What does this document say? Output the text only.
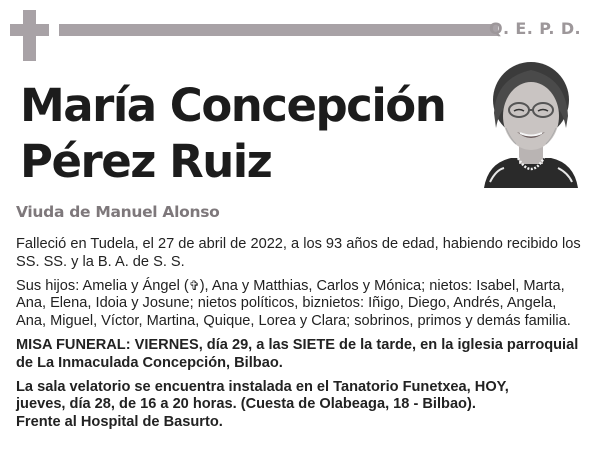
Q. E. P. D.
María Concepción
Pérez Ruiz
Viuda de Manuel Alonso

Falleció en Tudela, el 27 de abril de 2022, a los 93 años de edad, habiendo recibido los SS. SS. y la B. A. de S. S.

Sus hijos: Amelia y Ángel (✞), Ana y Matthias, Carlos y Mónica; nietos: Isabel, Marta, Ana, Elena, Idoia y Josune; nietos políticos, biznietos: Iñigo, Diego, Andrés, Angela, Ana, Miguel, Víctor, Martina, Quique, Lorea y Clara; sobrinos, primos y demás familia.

MISA FUNERAL: VIERNES, día 29, a las SIETE de la tarde, en la iglesia parroquial de La Inmaculada Concepción, Bilbao.

La sala velatorio se encuentra instalada en el Tanatorio Funetxea, HOY,
jueves, día 28, de 16 a 20 horas. (Cuesta de Olabeaga, 18 - Bilbao).
Frente al Hospital de Basurto.
